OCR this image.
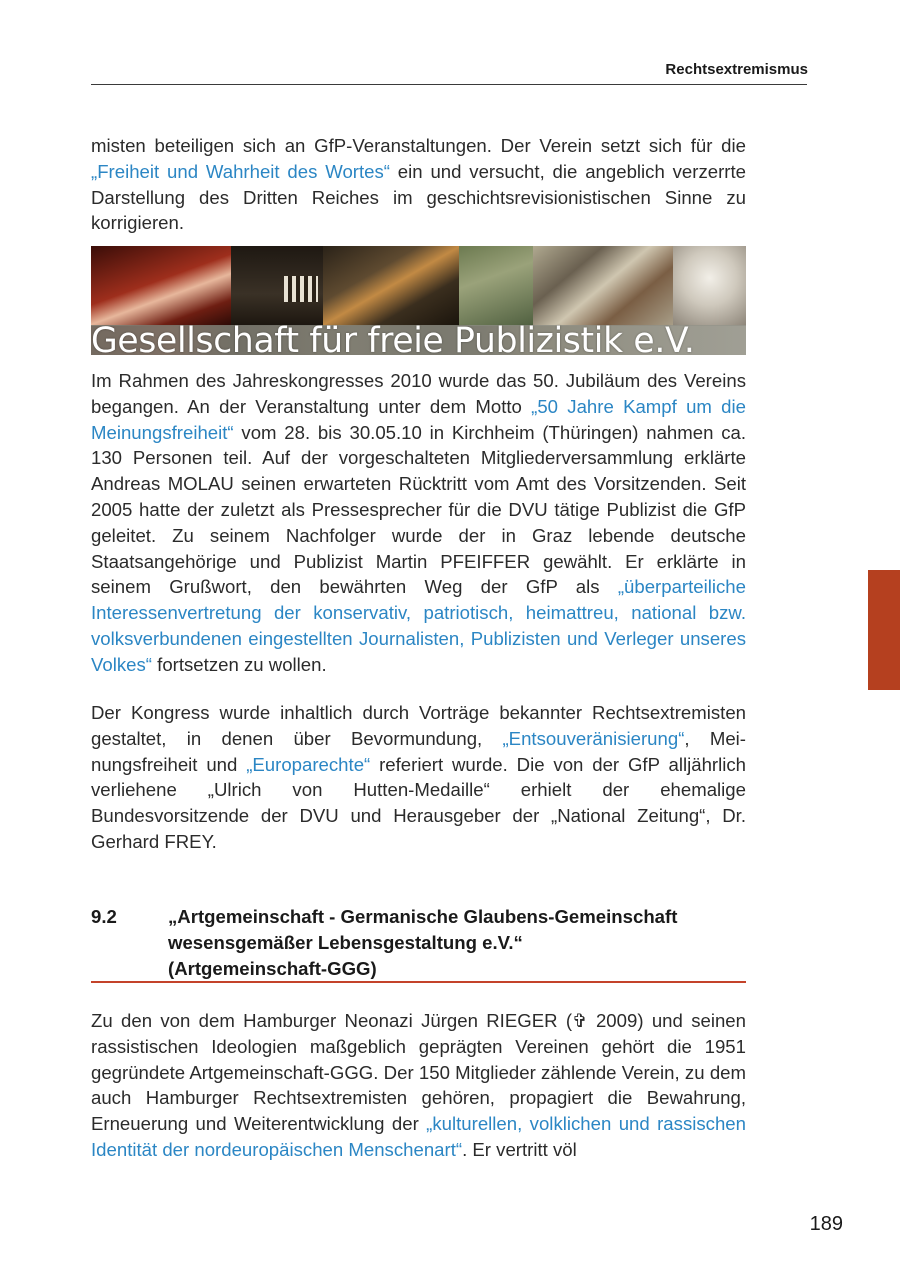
Rechtsextremismus

misten beteiligen sich an GfP-Veranstaltungen. Der Verein setzt sich für die „Freiheit und Wahrheit des Wortes“ ein und versucht, die angeblich verzerrte Darstellung des Dritten Reiches im geschichtsrevisionistischen Sinne zu korrigieren.

Gesellschaft für freie Publizistik e.V.

Im Rahmen des Jahreskongresses 2010 wurde das 50. Jubiläum des Vereins begangen. An der Veranstaltung unter dem Motto „50 Jahre Kampf um die Meinungsfreiheit“ vom 28. bis 30.05.10 in Kirchheim (Thüringen) nahmen ca. 130 Personen teil. Auf der vorgeschalteten Mitgliederversammlung erklärte Andreas MOLAU seinen erwarteten Rücktritt vom Amt des Vorsitzenden. Seit 2005 hatte der zuletzt als Pressesprecher für die DVU tätige Publizist die GfP geleitet. Zu seinem Nachfolger wurde der in Graz lebende deutsche Staatsangehörige und Publizist Martin PFEIFFER gewählt. Er erklärte in seinem Grußwort, den bewährten Weg der GfP als „überparteiliche Interessenvertretung der konservativ, patriotisch, heimattreu, national bzw. volksverbundenen eingestellten Journalisten, Publizisten und Verleger unseres Volkes“ fortsetzen zu wollen.

Der Kongress wurde inhaltlich durch Vorträge bekannter Rechtsextremisten gestaltet, in denen über Bevormundung, „Entsouveränisierung“, Meinungsfreiheit und „Europarechte“ referiert wurde. Die von der GfP alljährlich verliehene „Ulrich von Hutten-Medaille“ erhielt der ehemalige Bundesvorsitzende der DVU und Herausgeber der „National Zeitung“, Dr. Gerhard FREY.

9.2	„Artgemeinschaft - Germanische Glaubens-Gemeinschaft
wesensgemäßer Lebensgestaltung e.V.“
(Artgemeinschaft-GGG)

Zu den von dem Hamburger Neonazi Jürgen RIEGER (✞ 2009) und seinen rassistischen Ideologien maßgeblich geprägten Vereinen gehört die 1951 gegründete Artgemeinschaft-GGG. Der 150 Mitglieder zählende Verein, zu dem auch Hamburger Rechtsextremisten gehören, propagiert die Bewahrung, Erneuerung und Weiterentwicklung der „kulturellen, volklichen und rassischen Identität der nordeuropäischen Menschenart“. Er vertritt völ

189
